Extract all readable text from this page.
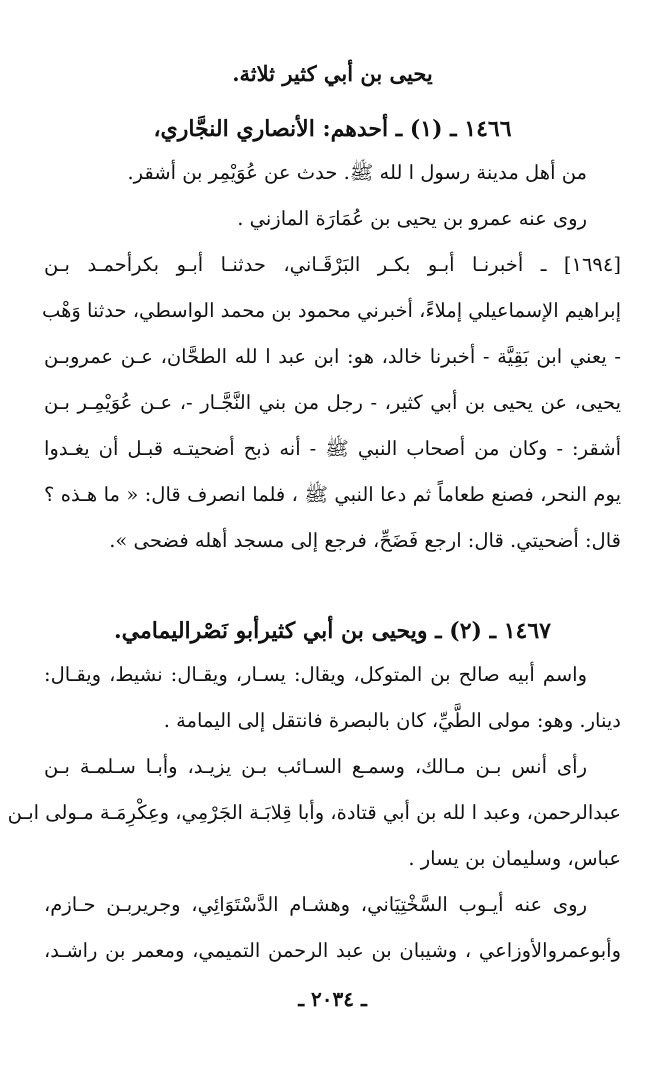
يحيى بن أبي كثير ثلاثة.
١٤٦٦ ـ (١) ـ أحدهم: الأنصاري النجَّاري،
من أهل مدينة رسول ا لله ﷺ. حدث عن عُوَيْمِر بن أشقر.
روى عنه عمرو بن يحيى بن عُمَارَة المازني .
[١٦٩٤] ـ أخبرنـا أبـو بكـر البَرْقَـاني، حدثنـا أبـو بكرأحمـد بـن
إبراهيم الإسماعيلي إملاءً، أخبرني محمود بن محمد الواسطي، حدثنا وَهْب
- يعني ابن بَقِيَّة - أخبرنا خالد، هو: ابن عبد ا لله الطحَّان، عـن عمروبـن
يحيى، عن يحيى بن أبي كثير، - رجل من بني النَّجَّـار -، عـن عُوَيْمِـر بـن
أشقر: - وكان من أصحاب النبي ﷺ - أنه ذبح أضحيتـه قبـل أن يغـدوا
يوم النحر، فصنع طعاماً ثم دعا النبي ﷺ ، فلما انصرف قال: « ما هـذه ؟
قال: أضحيتي. قال: ارجع فَضَحِّ، فرجع إلى مسجد أهله فضحى ».
١٤٦٧ ـ (٢) ـ ويحيى بن أبي كثيرأبو نَصْراليمامي.
واسم أبيه صالح بن المتوكل، ويقال: يسـار، ويقـال: نشيط، ويقـال:
دينار. وهو: مولى الطَّيِّ، كان بالبصرة فانتقل إلى اليمامة .
رأى أنس بـن مـالك، وسمـع السـائب بـن يزيـد، وأبـا سـلمـة بـن
عبدالرحمن، وعبد ا لله بن أبي قتادة، وأبا قِلابَـة الجَرْمِي، وعِكْرِمَـة مـولى ابـن
عباس، وسليمان بن يسار .
روى عنه أيـوب السَّخْتِيَاني، وهشـام الدَّسْتَوَائِي، وجريربـن حـازم،
وأبوعمروالأوزاعي ، وشيبان بن عبد الرحمن التميمي، ومعمر بن راشـد،
ـ ٢٠٣٤ ـ
